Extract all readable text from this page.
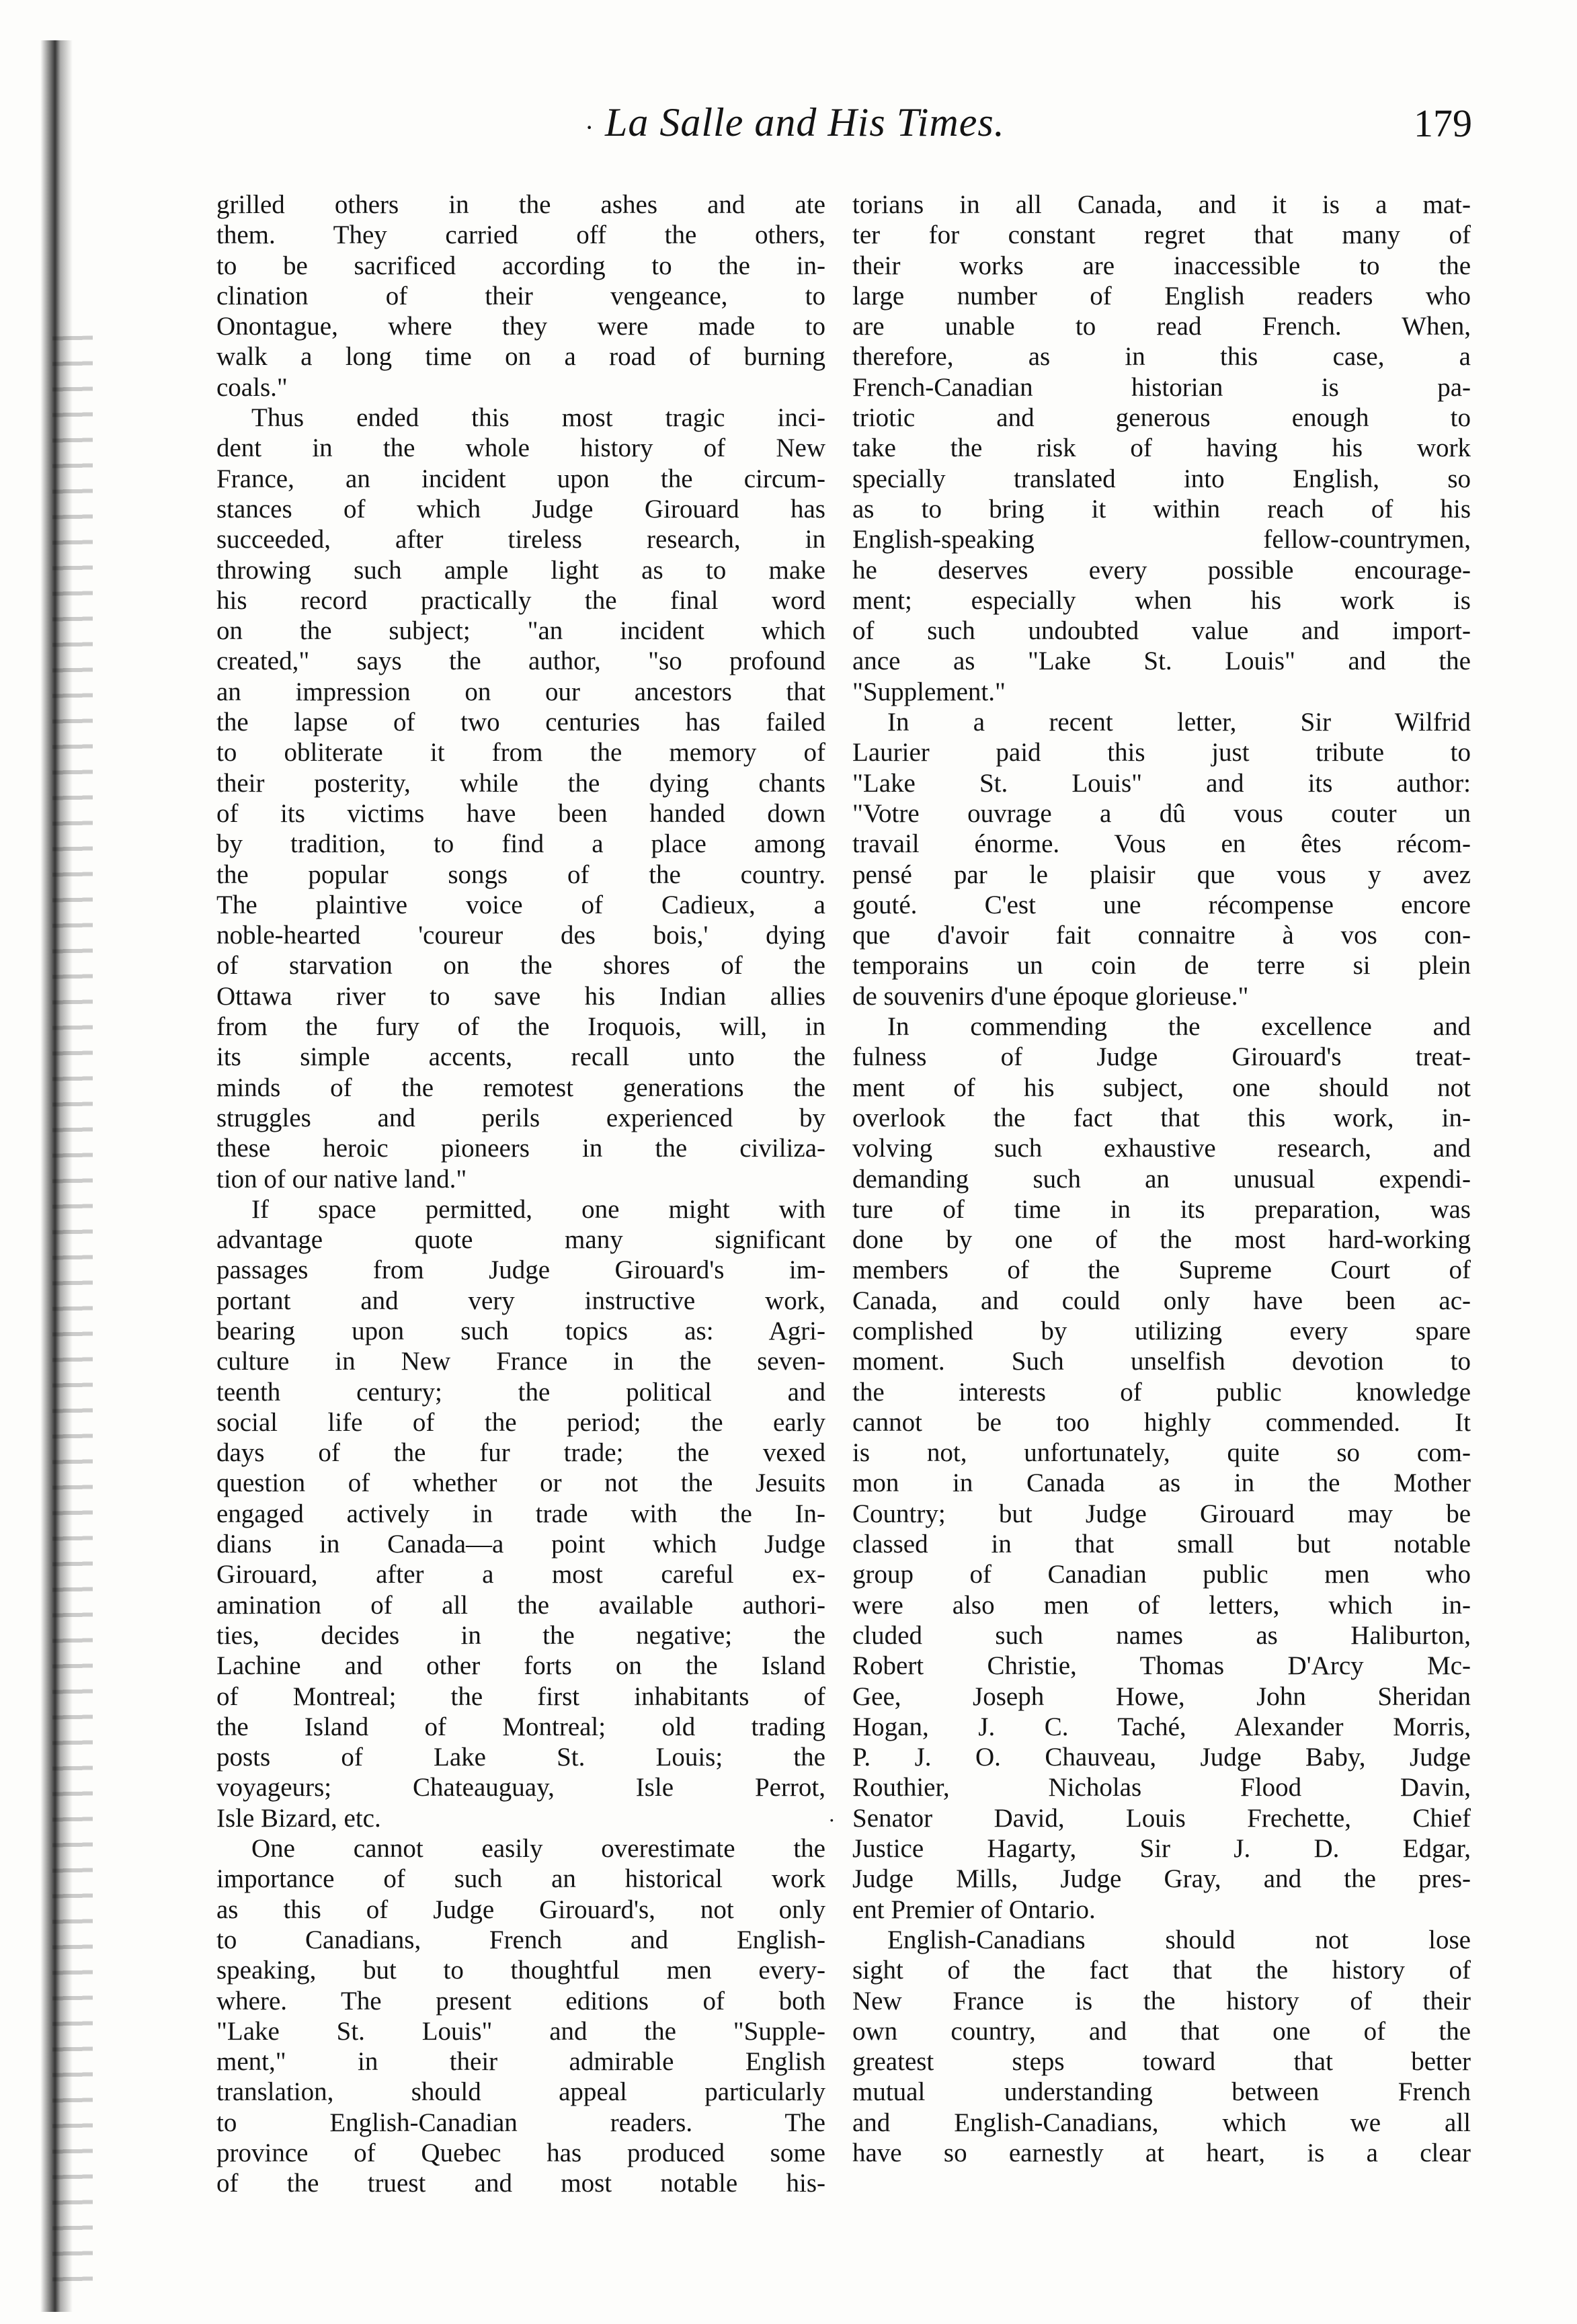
· La Salle and His Times.	179
grilled others in the ashes and ate
them. They carried off the others,
to be sacrificed according to the in-
clination of their vengeance, to
Onontague, where they were made to
walk a long time on a road of burning
coals."
Thus ended this most tragic inci-
dent in the whole history of New
France, an incident upon the circum-
stances of which Judge Girouard has
succeeded, after tireless research, in
throwing such ample light as to make
his record practically the final word
on the subject; "an incident which
created," says the author, "so profound
an impression on our ancestors that
the lapse of two centuries has failed
to obliterate it from the memory of
their posterity, while the dying chants
of its victims have been handed down
by tradition, to find a place among
the popular songs of the country.
The plaintive voice of Cadieux, a
noble-hearted 'coureur des bois,' dying
of starvation on the shores of the
Ottawa river to save his Indian allies
from the fury of the Iroquois, will, in
its simple accents, recall unto the
minds of the remotest generations the
struggles and perils experienced by
these heroic pioneers in the civiliza-
tion of our native land."
If space permitted, one might with
advantage quote many significant
passages from Judge Girouard's im-
portant and very instructive work,
bearing upon such topics as: Agri-
culture in New France in the seven-
teenth century; the political and
social life of the period; the early
days of the fur trade; the vexed
question of whether or not the Jesuits
engaged actively in trade with the In-
dians in Canada—a point which Judge
Girouard, after a most careful ex-
amination of all the available authori-
ties, decides in the negative; the
Lachine and other forts on the Island
of Montreal; the first inhabitants of
the Island of Montreal; old trading
posts of Lake St. Louis; the
voyageurs; Chateauguay, Isle Perrot,
Isle Bizard, etc.
One cannot easily overestimate the
importance of such an historical work
as this of Judge Girouard's, not only
to Canadians, French and English-
speaking, but to thoughtful men every-
where. The present editions of both
"Lake St. Louis" and the "Supple-
ment," in their admirable English
translation, should appeal particularly
to English-Canadian readers. The
province of Quebec has produced some
of the truest and most notable his-
torians in all Canada, and it is a mat-
ter for constant regret that many of
their works are inaccessible to the
large number of English readers who
are unable to read French. When,
therefore, as in this case, a
French-Canadian historian is pa-
triotic and generous enough to
take the risk of having his work
specially translated into English, so
as to bring it within reach of his
English-speaking fellow-countrymen,
he deserves every possible encourage-
ment; especially when his work is
of such undoubted value and import-
ance as "Lake St. Louis" and the
"Supplement."
In a recent letter, Sir Wilfrid
Laurier paid this just tribute to
"Lake St. Louis" and its author:
"Votre ouvrage a dû vous couter un
travail énorme. Vous en êtes récom-
pensé par le plaisir que vous y avez
gouté. C'est une récompense encore
que d'avoir fait connaitre à vos con-
temporains un coin de terre si plein
de souvenirs d'une époque glorieuse."
In commending the excellence and
fulness of Judge Girouard's treat-
ment of his subject, one should not
overlook the fact that this work, in-
volving such exhaustive research, and
demanding such an unusual expendi-
ture of time in its preparation, was
done by one of the most hard-working
members of the Supreme Court of
Canada, and could only have been ac-
complished by utilizing every spare
moment. Such unselfish devotion to
the interests of public knowledge
cannot be too highly commended. It
is not, unfortunately, quite so com-
mon in Canada as in the Mother
Country; but Judge Girouard may be
classed in that small but notable
group of Canadian public men who
were also men of letters, which in-
cluded such names as Haliburton,
Robert Christie, Thomas D'Arcy Mc-
Gee, Joseph Howe, John Sheridan
Hogan, J. C. Taché, Alexander Morris,
P. J. O. Chauveau, Judge Baby, Judge
Routhier, Nicholas Flood Davin,
Senator David, Louis Frechette, Chief
Justice Hagarty, Sir J. D. Edgar,
Judge Mills, Judge Gray, and the pres-
ent Premier of Ontario.
English-Canadians should not lose
sight of the fact that the history of
New France is the history of their
own country, and that one of the
greatest steps toward that better
mutual understanding between French
and English-Canadians, which we all
have so earnestly at heart, is a clear
·
